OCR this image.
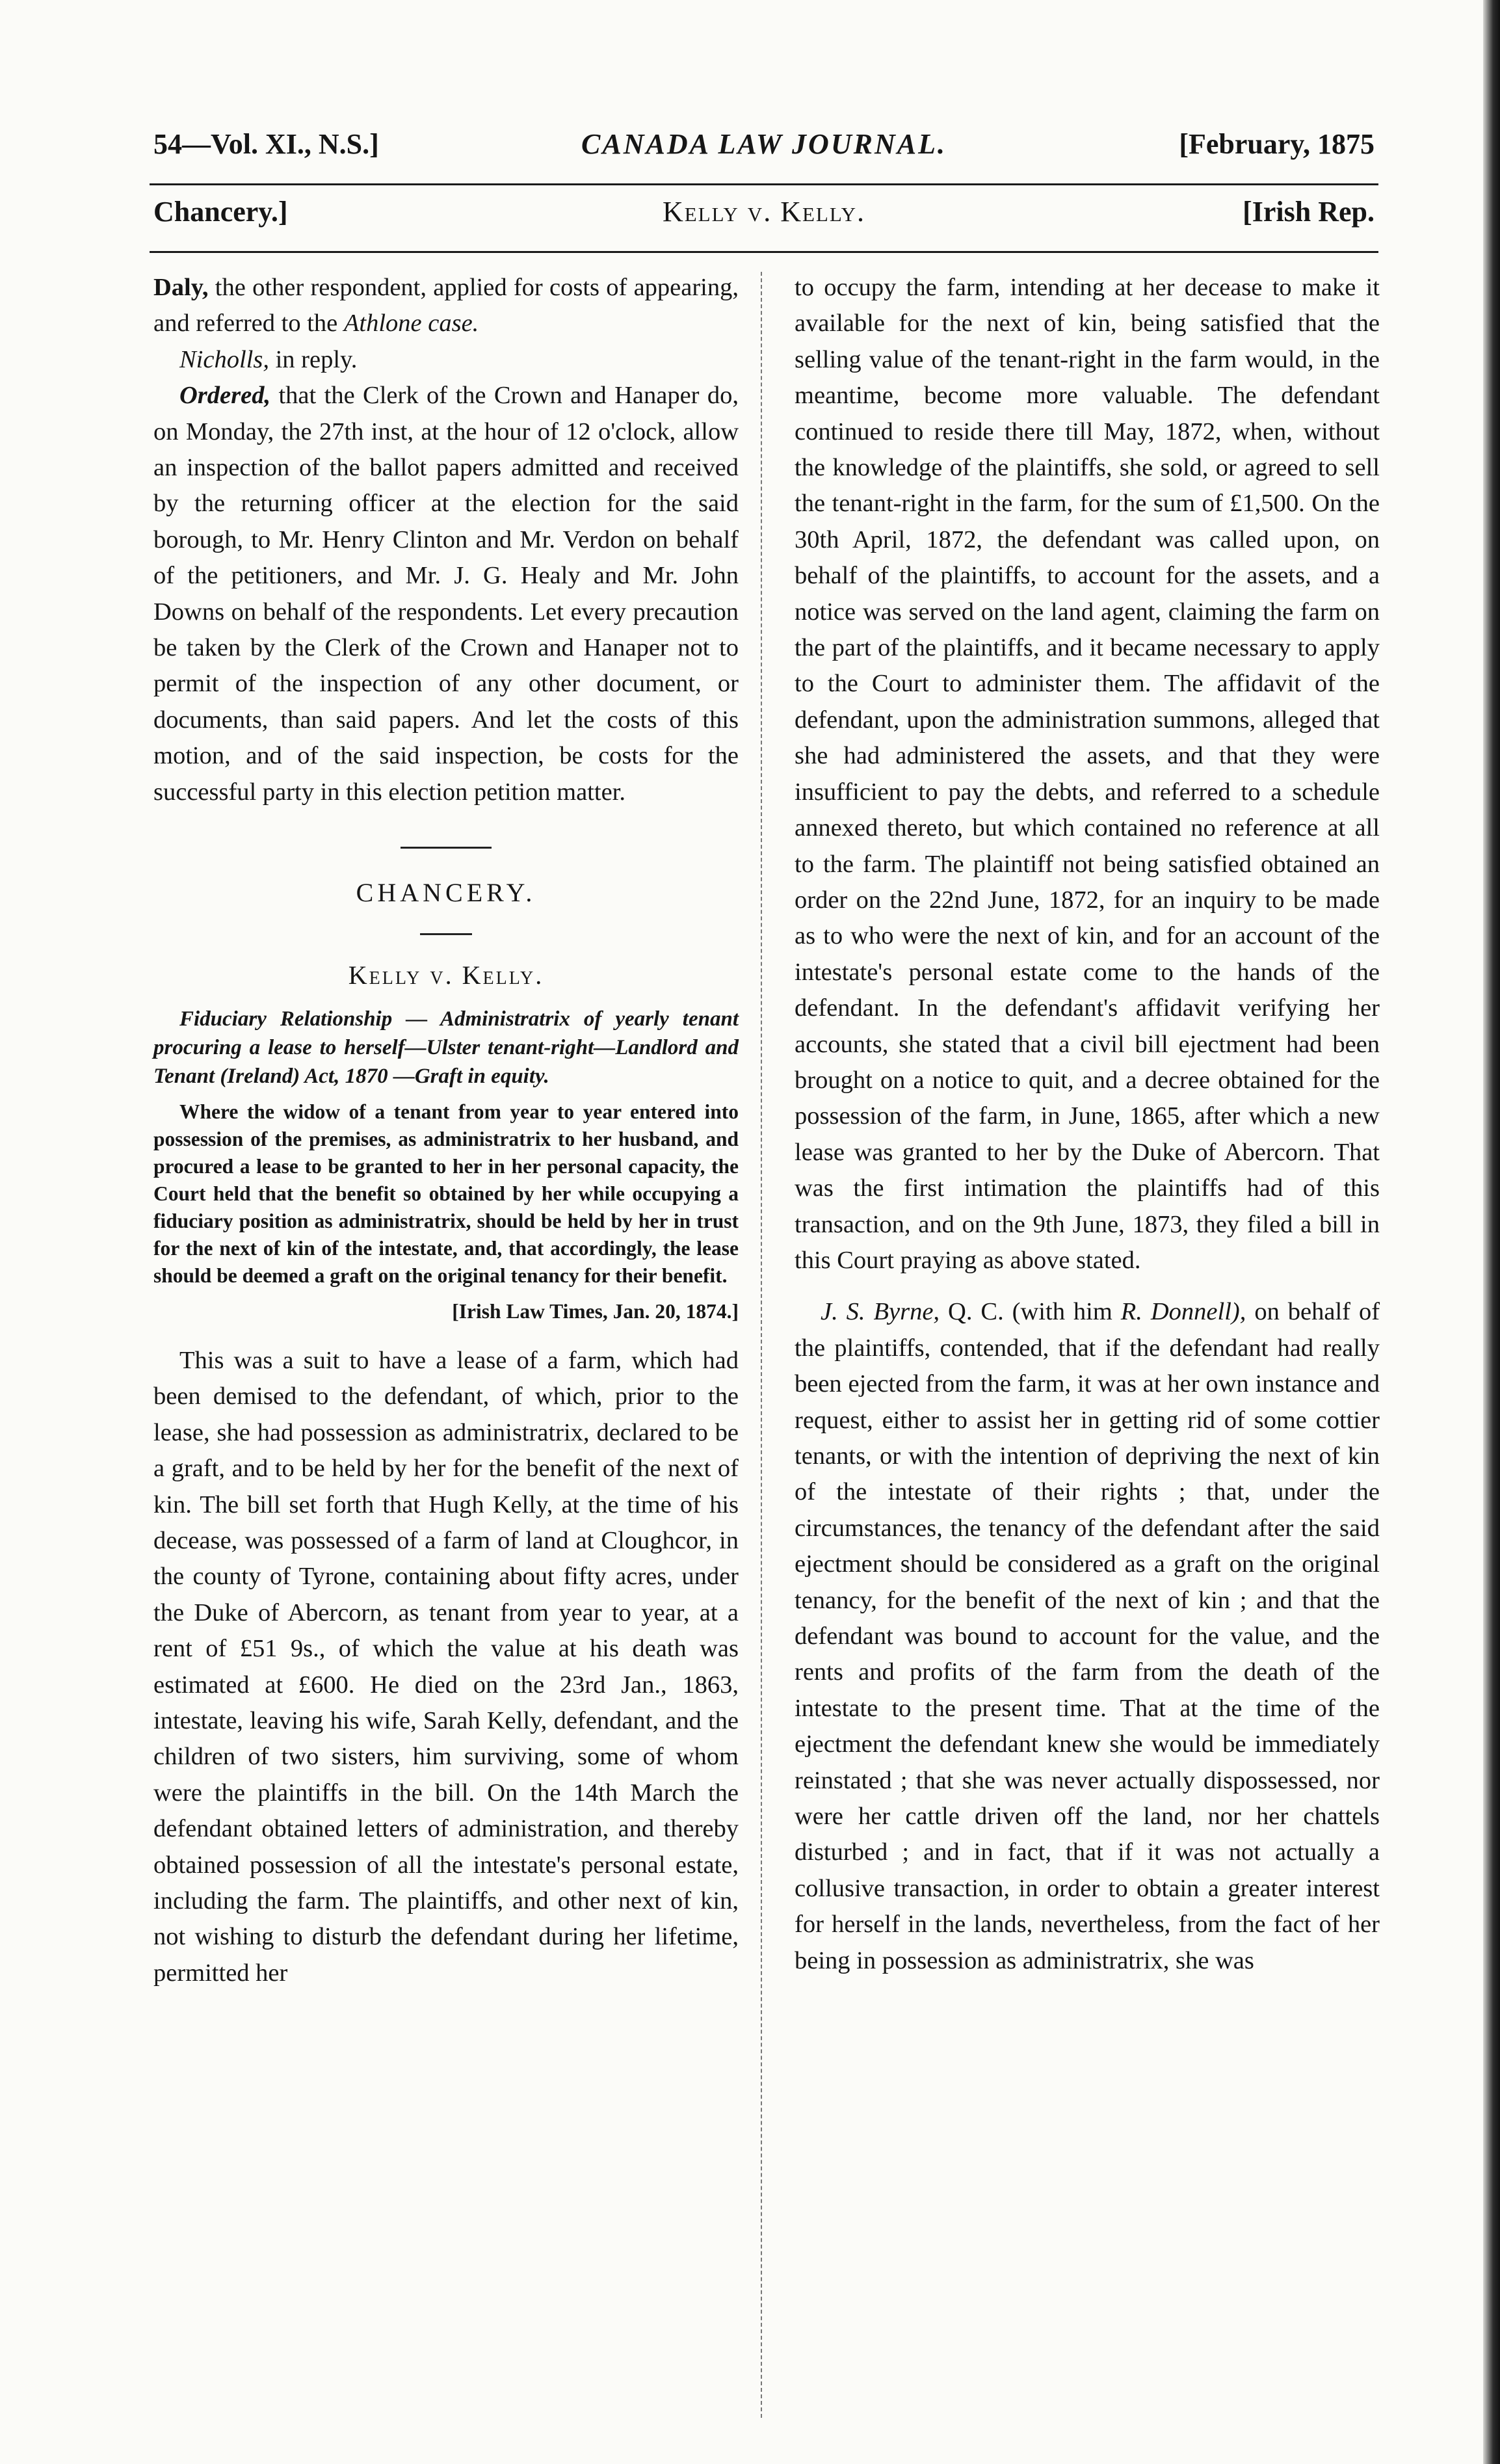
54—Vol. XI., N.S.]	CANADA LAW JOURNAL.	[February, 1875
Chancery.]	Kelly v. Kelly.	[Irish Rep.

Daly, the other respondent, applied for costs of appearing, and referred to the Athlone case.

Nicholls, in reply.

Ordered, that the Clerk of the Crown and Hanaper do, on Monday, the 27th inst, at the hour of 12 o'clock, allow an inspection of the ballot papers admitted and received by the returning officer at the election for the said borough, to Mr. Henry Clinton and Mr. Verdon on behalf of the petitioners, and Mr. J. G. Healy and Mr. John Downs on behalf of the respondents. Let every precaution be taken by the Clerk of the Crown and Hanaper not to permit of the inspection of any other document, or documents, than said papers. And let the costs of this motion, and of the said inspection, be costs for the successful party in this election petition matter.

CHANCERY.
Kelly v. Kelly.

Fiduciary Relationship — Administratrix of yearly tenant procuring a lease to herself—Ulster tenant-right—Landlord and Tenant (Ireland) Act, 1870 —Graft in equity.

Where the widow of a tenant from year to year entered into possession of the premises, as administratrix to her husband, and procured a lease to be granted to her in her personal capacity, the Court held that the benefit so obtained by her while occupying a fiduciary position as administratrix, should be held by her in trust for the next of kin of the intestate, and, that accordingly, the lease should be deemed a graft on the original tenancy for their benefit.

[Irish Law Times, Jan. 20, 1874.]

This was a suit to have a lease of a farm, which had been demised to the defendant, of which, prior to the lease, she had possession as administratrix, declared to be a graft, and to be held by her for the benefit of the next of kin. The bill set forth that Hugh Kelly, at the time of his decease, was possessed of a farm of land at Cloughcor, in the county of Tyrone, containing about fifty acres, under the Duke of Abercorn, as tenant from year to year, at a rent of £51 9s., of which the value at his death was estimated at £600. He died on the 23rd Jan., 1863, intestate, leaving his wife, Sarah Kelly, defendant, and the children of two sisters, him surviving, some of whom were the plaintiffs in the bill. On the 14th March the defendant obtained letters of administration, and thereby obtained possession of all the intestate's personal estate, including the farm. The plaintiffs, and other next of kin, not wishing to disturb the defendant during her lifetime, permitted her

to occupy the farm, intending at her decease to make it available for the next of kin, being satisfied that the selling value of the tenant-right in the farm would, in the meantime, become more valuable. The defendant continued to reside there till May, 1872, when, without the knowledge of the plaintiffs, she sold, or agreed to sell the tenant-right in the farm, for the sum of £1,500. On the 30th April, 1872, the defendant was called upon, on behalf of the plaintiffs, to account for the assets, and a notice was served on the land agent, claiming the farm on the part of the plaintiffs, and it became necessary to apply to the Court to administer them. The affidavit of the defendant, upon the administration summons, alleged that she had administered the assets, and that they were insufficient to pay the debts, and referred to a schedule annexed thereto, but which contained no reference at all to the farm. The plaintiff not being satisfied obtained an order on the 22nd June, 1872, for an inquiry to be made as to who were the next of kin, and for an account of the intestate's personal estate come to the hands of the defendant. In the defendant's affidavit verifying her accounts, she stated that a civil bill ejectment had been brought on a notice to quit, and a decree obtained for the possession of the farm, in June, 1865, after which a new lease was granted to her by the Duke of Abercorn. That was the first intimation the plaintiffs had of this transaction, and on the 9th June, 1873, they filed a bill in this Court praying as above stated.

J. S. Byrne, Q. C. (with him R. Donnell), on behalf of the plaintiffs, contended, that if the defendant had really been ejected from the farm, it was at her own instance and request, either to assist her in getting rid of some cottier tenants, or with the intention of depriving the next of kin of the intestate of their rights ; that, under the circumstances, the tenancy of the defendant after the said ejectment should be considered as a graft on the original tenancy, for the benefit of the next of kin ; and that the defendant was bound to account for the value, and the rents and profits of the farm from the death of the intestate to the present time. That at the time of the ejectment the defendant knew she would be immediately reinstated ; that she was never actually dispossessed, nor were her cattle driven off the land, nor her chattels disturbed ; and in fact, that if it was not actually a collusive transaction, in order to obtain a greater interest for herself in the lands, nevertheless, from the fact of her being in possession as administratrix, she was
